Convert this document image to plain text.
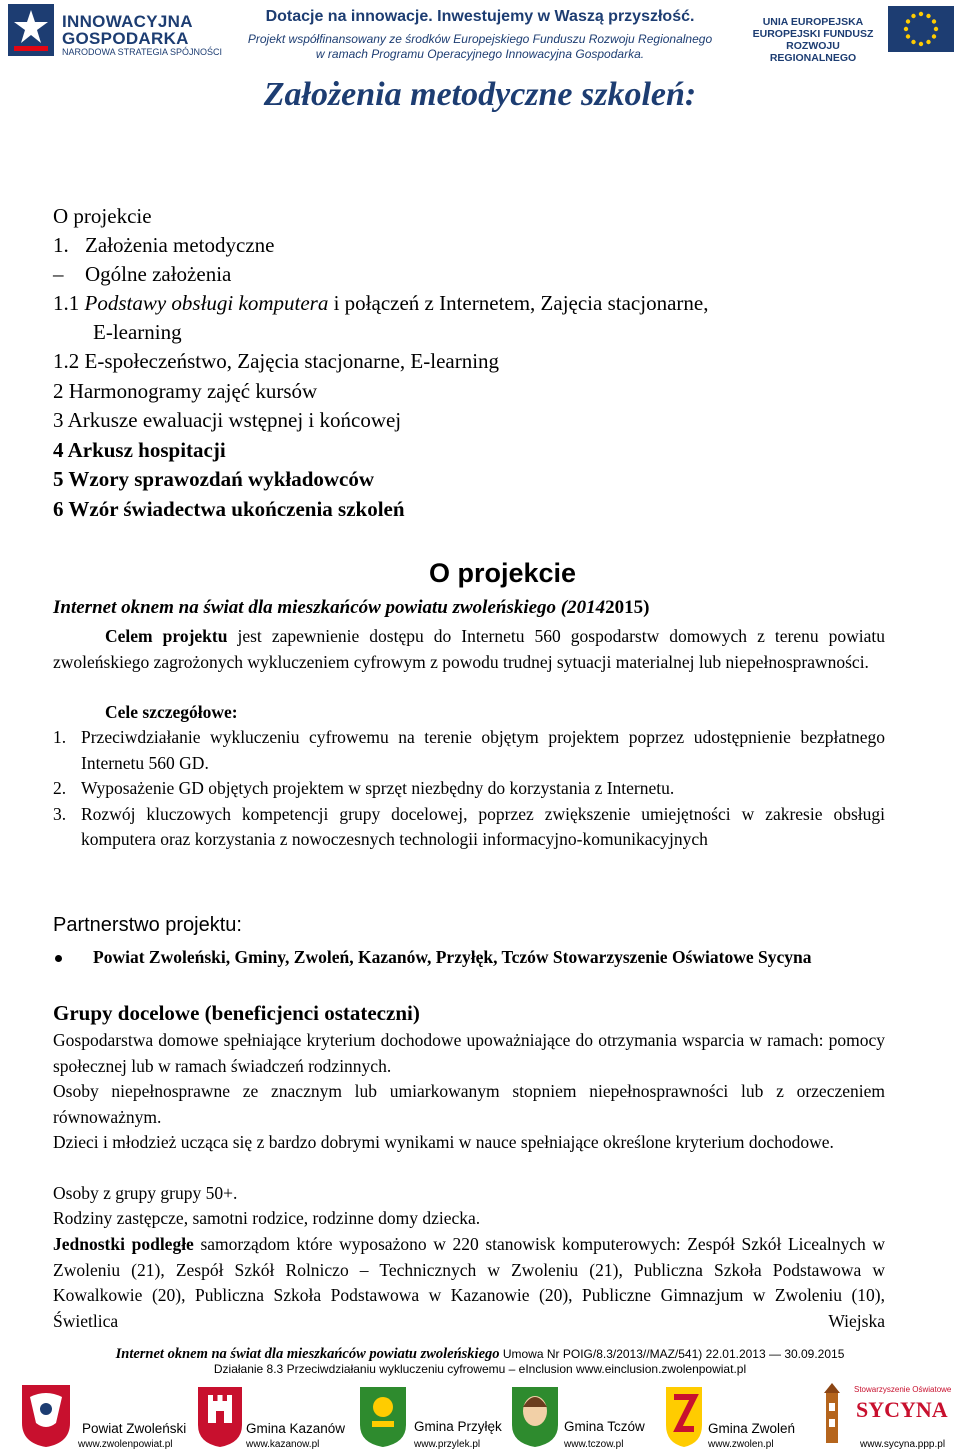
INNOWACYJNA
GOSPODARKA
NARODOWA STRATEGIA SPÓJNOŚCI
Dotacje na innowacje. Inwestujemy w Waszą przyszłość.
Projekt współfinansowany ze środków Europejskiego Funduszu Rozwoju Regionalnego
w ramach Programu Operacyjnego Innowacyjna Gospodarka.
UNIA EUROPEJSKA
EUROPEJSKI FUNDUSZ
ROZWOJU REGIONALNEGO
Założenia metodyczne szkoleń:
O projekcie
1. Założenia metodyczne
– Ogólne założenia
1.1 Podstawy obsługi komputera i połączeń z Internetem, Zajęcia stacjonarne,
E-learning
1.2 E-społeczeństwo, Zajęcia stacjonarne, E-learning
2 Harmonogramy zajęć kursów
3 Arkusze ewaluacji wstępnej i końcowej
4 Arkusz hospitacji
5 Wzory sprawozdań wykładowców
6 Wzór świadectwa ukończenia szkoleń
O projekcie
Internet oknem na świat dla mieszkańców powiatu zwoleńskiego (20142015)
Celem projektu jest zapewnienie dostępu do Internetu 560 gospodarstw domowych z terenu powiatu zwoleńskiego zagrożonych wykluczeniem cyfrowym z powodu trudnej sytuacji materialnej lub niepełnosprawności.
Cele szczegółowe:
1. Przeciwdziałanie wykluczeniu cyfrowemu na terenie objętym projektem poprzez udostępnienie bezpłatnego Internetu 560 GD.
2. Wyposażenie GD objętych projektem w sprzęt niezbędny do korzystania z Internetu.
3. Rozwój kluczowych kompetencji grupy docelowej, poprzez zwiększenie umiejętności w zakresie obsługi komputera oraz korzystania z nowoczesnych technologii informacyjno-komunikacyjnych
Partnerstwo projektu:
Powiat Zwoleński, Gminy, Zwoleń, Kazanów, Przyłęk, Tczów Stowarzyszenie Oświatowe Sycyna
Grupy docelowe (beneficjenci ostateczni)
Gospodarstwa domowe spełniające kryterium dochodowe upoważniające do otrzymania wsparcia w ramach: pomocy społecznej lub w ramach świadczeń rodzinnych.
Osoby niepełnosprawne ze znacznym lub umiarkowanym stopniem niepełnosprawności lub z orzeczeniem równoważnym.
Dzieci i młodzież ucząca się z bardzo dobrymi wynikami w nauce spełniające określone kryterium dochodowe.
Osoby z grupy grupy 50+.
Rodziny zastępcze, samotni rodzice, rodzinne domy dziecka.
Jednostki podległe samorządom które wyposażono w 220 stanowisk komputerowych: Zespół Szkół Licealnych w Zwoleniu (21), Zespół Szkół Rolniczo – Technicznych w Zwoleniu (21), Publiczna Szkoła Podstawowa w Kowalkowie (20), Publiczna Szkoła Podstawowa w Kazanowie (20), Publiczne Gimnazjum w Zwoleniu (10), Świetlica Wiejska
Internet oknem na świat dla mieszkańców powiatu zwoleńskiego Umowa Nr POIG/8.3/2013//MAZ/541) 22.01.2013 — 30.09.2015
Działanie 8.3 Przeciwdziałaniu wykluczeniu cyfrowemu – eInclusion www.einclusion.zwolenpowiat.pl
Powiat Zwoleński
www.zwolenpowiat.pl
Gmina Kazanów
www.kazanow.pl
Gmina Przyłęk
www.przylek.pl
Gmina Tczów
www.tczow.pl
Gmina Zwoleń
www.zwolen.pl
Stowarzyszenie Oświatowe
SYCYNA
www.sycyna.ppp.pl
